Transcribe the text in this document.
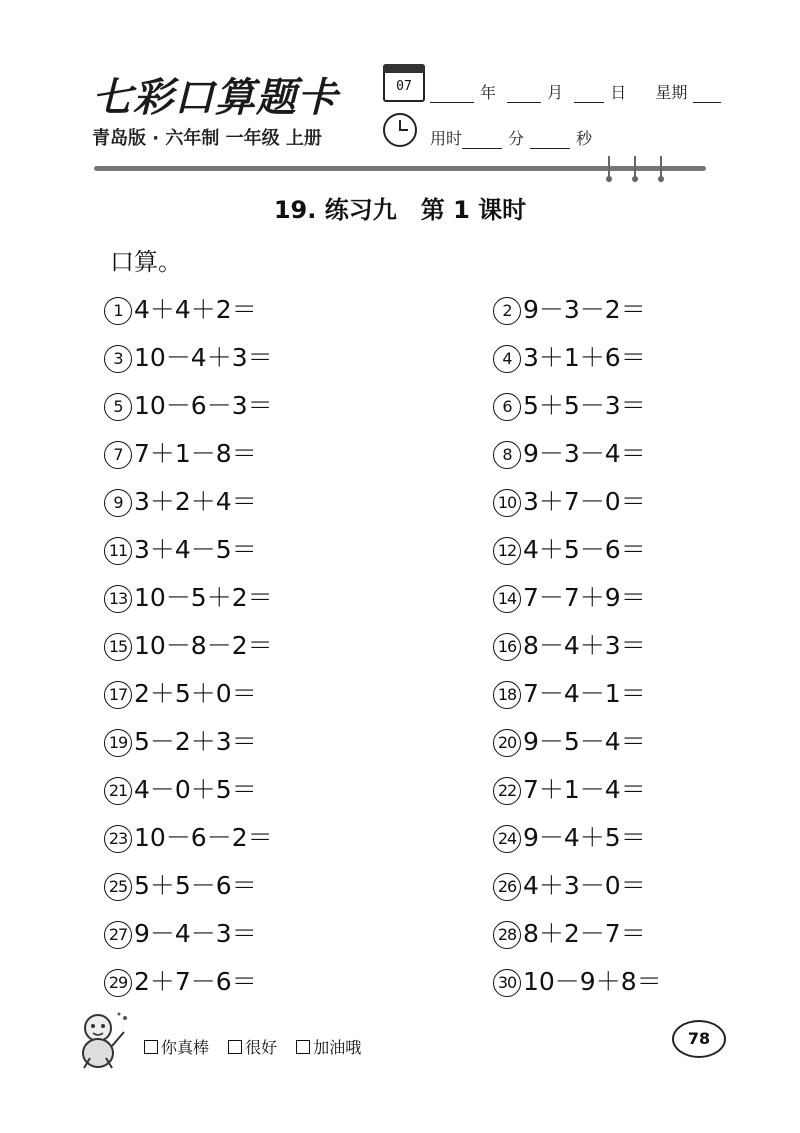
七彩口算题卡	07	年	月	日 星期
青岛版 · 六年制 一年级 上册	用时	分	秒
19. 练习九　第 1 课时
口算。
1 4＋4＋2＝	2 9－3－2＝
3 10－4＋3＝	4 3＋1＋6＝
5 10－6－3＝	6 5＋5－3＝
7 7＋1－8＝	8 9－3－4＝
9 3＋2＋4＝	10 3＋7－0＝
11 3＋4－5＝	12 4＋5－6＝
13 10－5＋2＝	14 7－7＋9＝
15 10－8－2＝	16 8－4＋3＝
17 2＋5＋0＝	18 7－4－1＝
19 5－2＋3＝	20 9－5－4＝
21 4－0＋5＝	22 7＋1－4＝
23 10－6－2＝	24 9－4＋5＝
25 5＋5－6＝	26 4＋3－0＝
27 9－4－3＝	28 8＋2－7＝
29 2＋7－6＝	30 10－9＋8＝
你真棒 很好 加油哦	78
